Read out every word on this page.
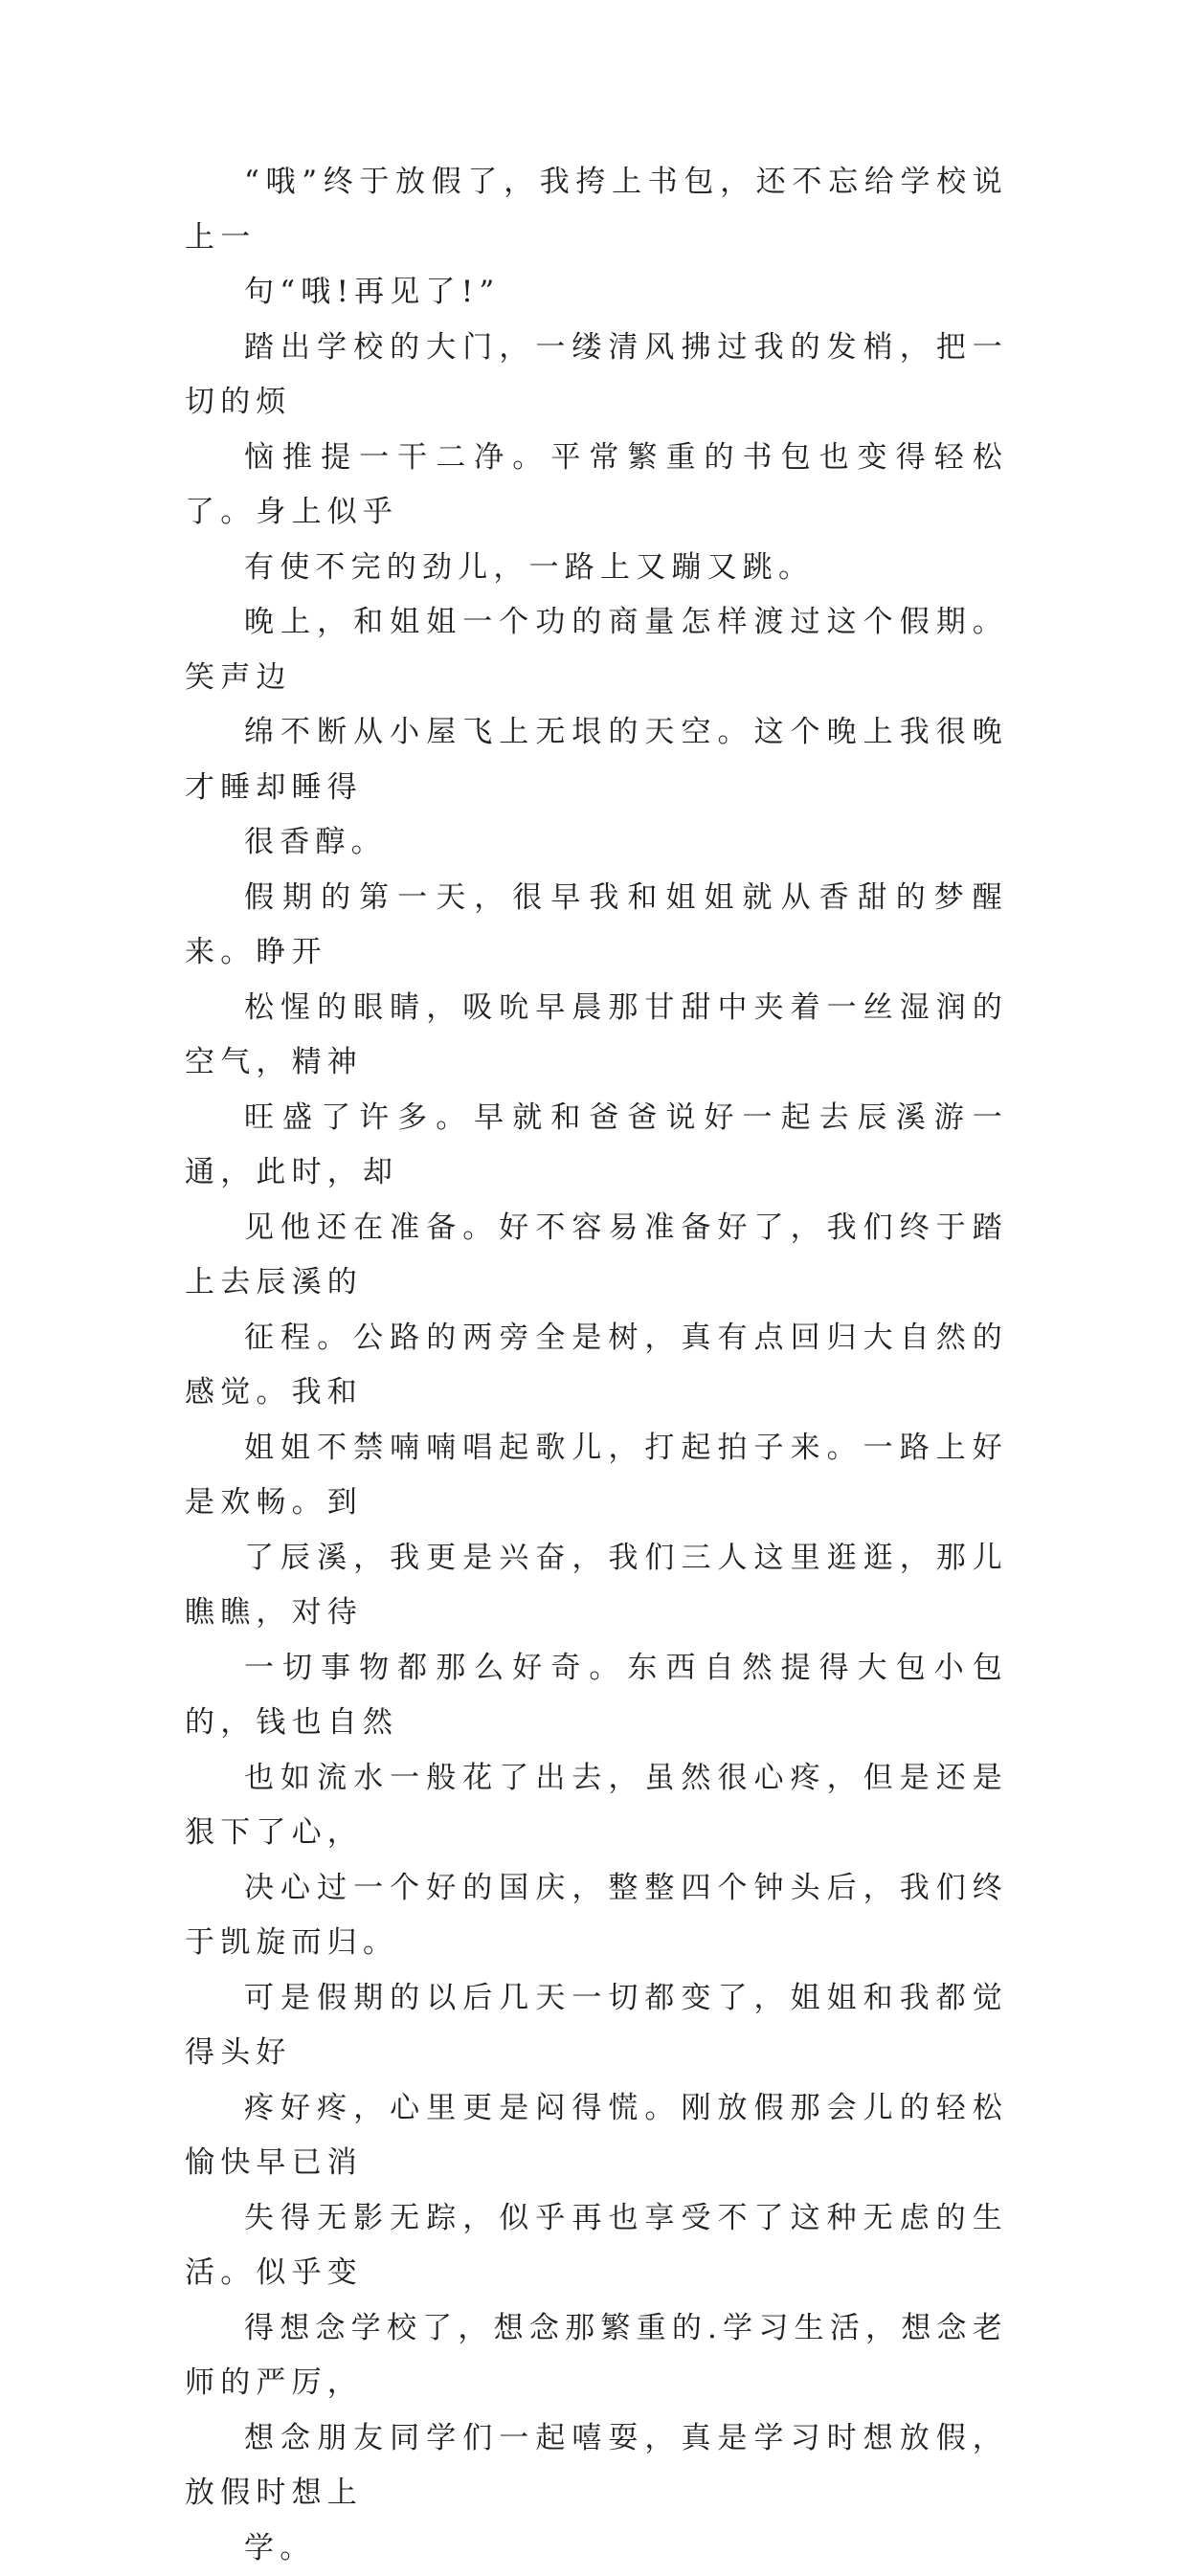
“哦”终于放假了，我挎上书包，还不忘给学校说上一
句“哦!再见了!”

踏出学校的大门，一缕清风拂过我的发梢，把一切的烦
恼推提一干二净。平常繁重的书包也变得轻松了。身上似乎
有使不完的劲儿，一路上又蹦又跳。

晚上，和姐姐一个功的商量怎样渡过这个假期。笑声边
绵不断从小屋飞上无垠的天空。这个晚上我很晚才睡却睡得
很香醇。

假期的第一天，很早我和姐姐就从香甜的梦醒来。睁开
松惺的眼睛，吸吮早晨那甘甜中夹着一丝湿润的空气，精神
旺盛了许多。早就和爸爸说好一起去辰溪游一通，此时，却
见他还在准备。好不容易准备好了，我们终于踏上去辰溪的
征程。公路的两旁全是树，真有点回归大自然的感觉。我和
姐姐不禁喃喃唱起歌儿，打起拍子来。一路上好是欢畅。到
了辰溪，我更是兴奋，我们三人这里逛逛，那儿瞧瞧，对待
一切事物都那么好奇。东西自然提得大包小包的，钱也自然
也如流水一般花了出去，虽然很心疼，但是还是狠下了心，
决心过一个好的国庆，整整四个钟头后，我们终于凯旋而归。

可是假期的以后几天一切都变了，姐姐和我都觉得头好
疼好疼，心里更是闷得慌。刚放假那会儿的轻松愉快早已消
失得无影无踪，似乎再也享受不了这种无虑的生活。似乎变
得想念学校了，想念那繁重的.学习生活，想念老师的严厉，
想念朋友同学们一起嘻耍，真是学习时想放假，放假时想上
学。
